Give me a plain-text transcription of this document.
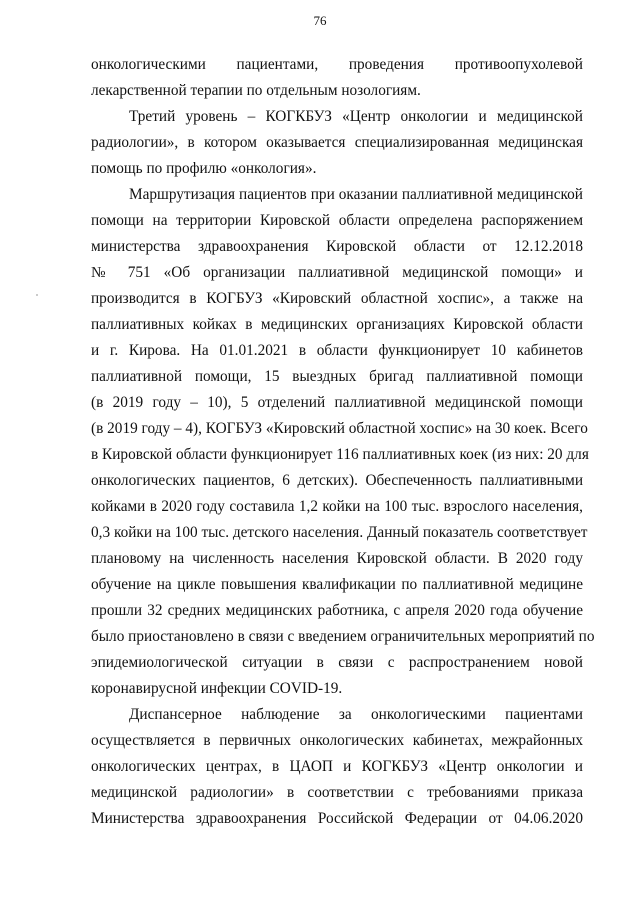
76
онкологическими пациентами, проведения противоопухолевой
лекарственной терапии по отдельным нозологиям.
Третий уровень – КОГКБУЗ «Центр онкологии и медицинской
радиологии», в котором оказывается специализированная медицинская
помощь по профилю «онкология».
Маршрутизация пациентов при оказании паллиативной медицинской
помощи на территории Кировской области определена распоряжением
министерства здравоохранения Кировской области от 12.12.2018
№ 751 «Об организации паллиативной медицинской помощи» и
производится в КОГБУЗ «Кировский областной хоспис», а также на
паллиативных койках в медицинских организациях Кировской области
и г. Кирова. На 01.01.2021 в области функционирует 10 кабинетов
паллиативной помощи, 15 выездных бригад паллиативной помощи
(в 2019 году – 10), 5 отделений паллиативной медицинской помощи
(в 2019 году – 4), КОГБУЗ «Кировский областной хоспис» на 30 коек. Всего
в Кировской области функционирует 116 паллиативных коек (из них: 20 для
онкологических пациентов, 6 детских). Обеспеченность паллиативными
койками в 2020 году составила 1,2 койки на 100 тыс. взрослого населения,
0,3 койки на 100 тыс. детского населения. Данный показатель соответствует
плановому на численность населения Кировской области. В 2020 году
обучение на цикле повышения квалификации по паллиативной медицине
прошли 32 средних медицинских работника, с апреля 2020 года обучение
было приостановлено в связи с введением ограничительных мероприятий по
эпидемиологической ситуации в связи с распространением новой
коронавирусной инфекции COVID-19.
Диспансерное наблюдение за онкологическими пациентами
осуществляется в первичных онкологических кабинетах, межрайонных
онкологических центрах, в ЦАОП и КОГКБУЗ «Центр онкологии и
медицинской радиологии» в соответствии с требованиями приказа
Министерства здравоохранения Российской Федерации от 04.06.2020
